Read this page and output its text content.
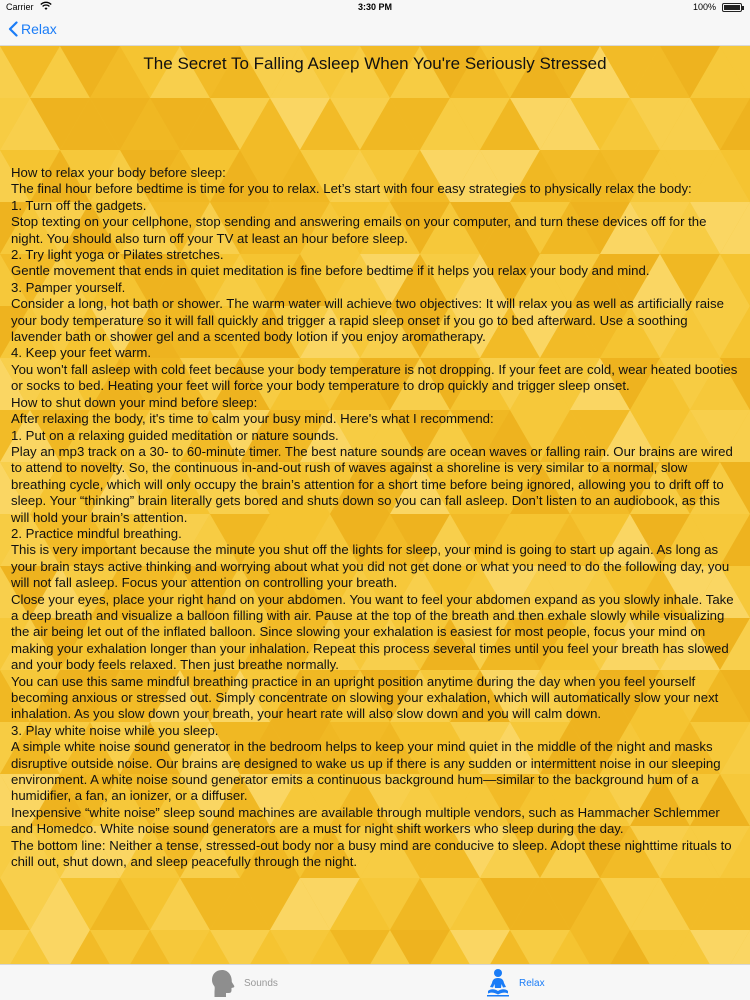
Carrier	3:30 PM	100%
Relax
The Secret To Falling Asleep When You're Seriously Stressed

How to relax your body before sleep:

The final hour before bedtime is time for you to relax. Let’s start with four easy strategies to physically relax the body:

1. Turn off the gadgets.

Stop texting on your cellphone, stop sending and answering emails on your computer, and turn these devices off for the night. You should also turn off your TV at least an hour before sleep.

2. Try light yoga or Pilates stretches.

Gentle movement that ends in quiet meditation is fine before bedtime if it helps you relax your body and mind.

3. Pamper yourself.

Consider a long, hot bath or shower. The warm water will achieve two objectives: It will relax you as well as artificially raise your body temperature so it will fall quickly and trigger a rapid sleep onset if you go to bed afterward. Use a soothing lavender bath or shower gel and a scented body lotion if you enjoy aromatherapy.

4. Keep your feet warm.

You won't fall asleep with cold feet because your body temperature is not dropping. If your feet are cold, wear heated booties or socks to bed. Heating your feet will force your body temperature to drop quickly and trigger sleep onset.

How to shut down your mind before sleep:

After relaxing the body, it's time to calm your busy mind. Here's what I recommend:

1. Put on a relaxing guided meditation or nature sounds.

Play an mp3 track on a 30- to 60-minute timer. The best nature sounds are ocean waves or falling rain. Our brains are wired to attend to novelty. So, the continuous in-and-out rush of waves against a shoreline is very similar to a normal, slow breathing cycle, which will only occupy the brain’s attention for a short time before being ignored, allowing you to drift off to sleep. Your “thinking” brain literally gets bored and shuts down so you can fall asleep. Don’t listen to an audiobook, as this will hold your brain’s attention.

2. Practice mindful breathing.

This is very important because the minute you shut off the lights for sleep, your mind is going to start up again. As long as your brain stays active thinking and worrying about what you did not get done or what you need to do the following day, you will not fall asleep. Focus your attention on controlling your breath.

Close your eyes, place your right hand on your abdomen. You want to feel your abdomen expand as you slowly inhale. Take a deep breath and visualize a balloon filling with air. Pause at the top of the breath and then exhale slowly while visualizing the air being let out of the inflated balloon. Since slowing your exhalation is easiest for most people, focus your mind on making your exhalation longer than your inhalation. Repeat this process several times until you feel your breath has slowed and your body feels relaxed. Then just breathe normally.

You can use this same mindful breathing practice in an upright position anytime during the day when you feel yourself becoming anxious or stressed out. Simply concentrate on slowing your exhalation, which will automatically slow your next inhalation. As you slow down your breath, your heart rate will also slow down and you will calm down.

3. Play white noise while you sleep.

A simple white noise sound generator in the bedroom helps to keep your mind quiet in the middle of the night and masks disruptive outside noise. Our brains are designed to wake us up if there is any sudden or intermittent noise in our sleeping environment. A white noise sound generator emits a continuous background hum—similar to the background hum of a humidifier, a fan, an ionizer, or a diffuser.

Inexpensive “white noise” sleep sound machines are available through multiple vendors, such as Hammacher Schlemmer and Homedco. White noise sound generators are a must for night shift workers who sleep during the day.

The bottom line: Neither a tense, stressed-out body nor a busy mind are conducive to sleep. Adopt these nighttime rituals to chill out, shut down, and sleep peacefully through the night.

Sounds	Relax
